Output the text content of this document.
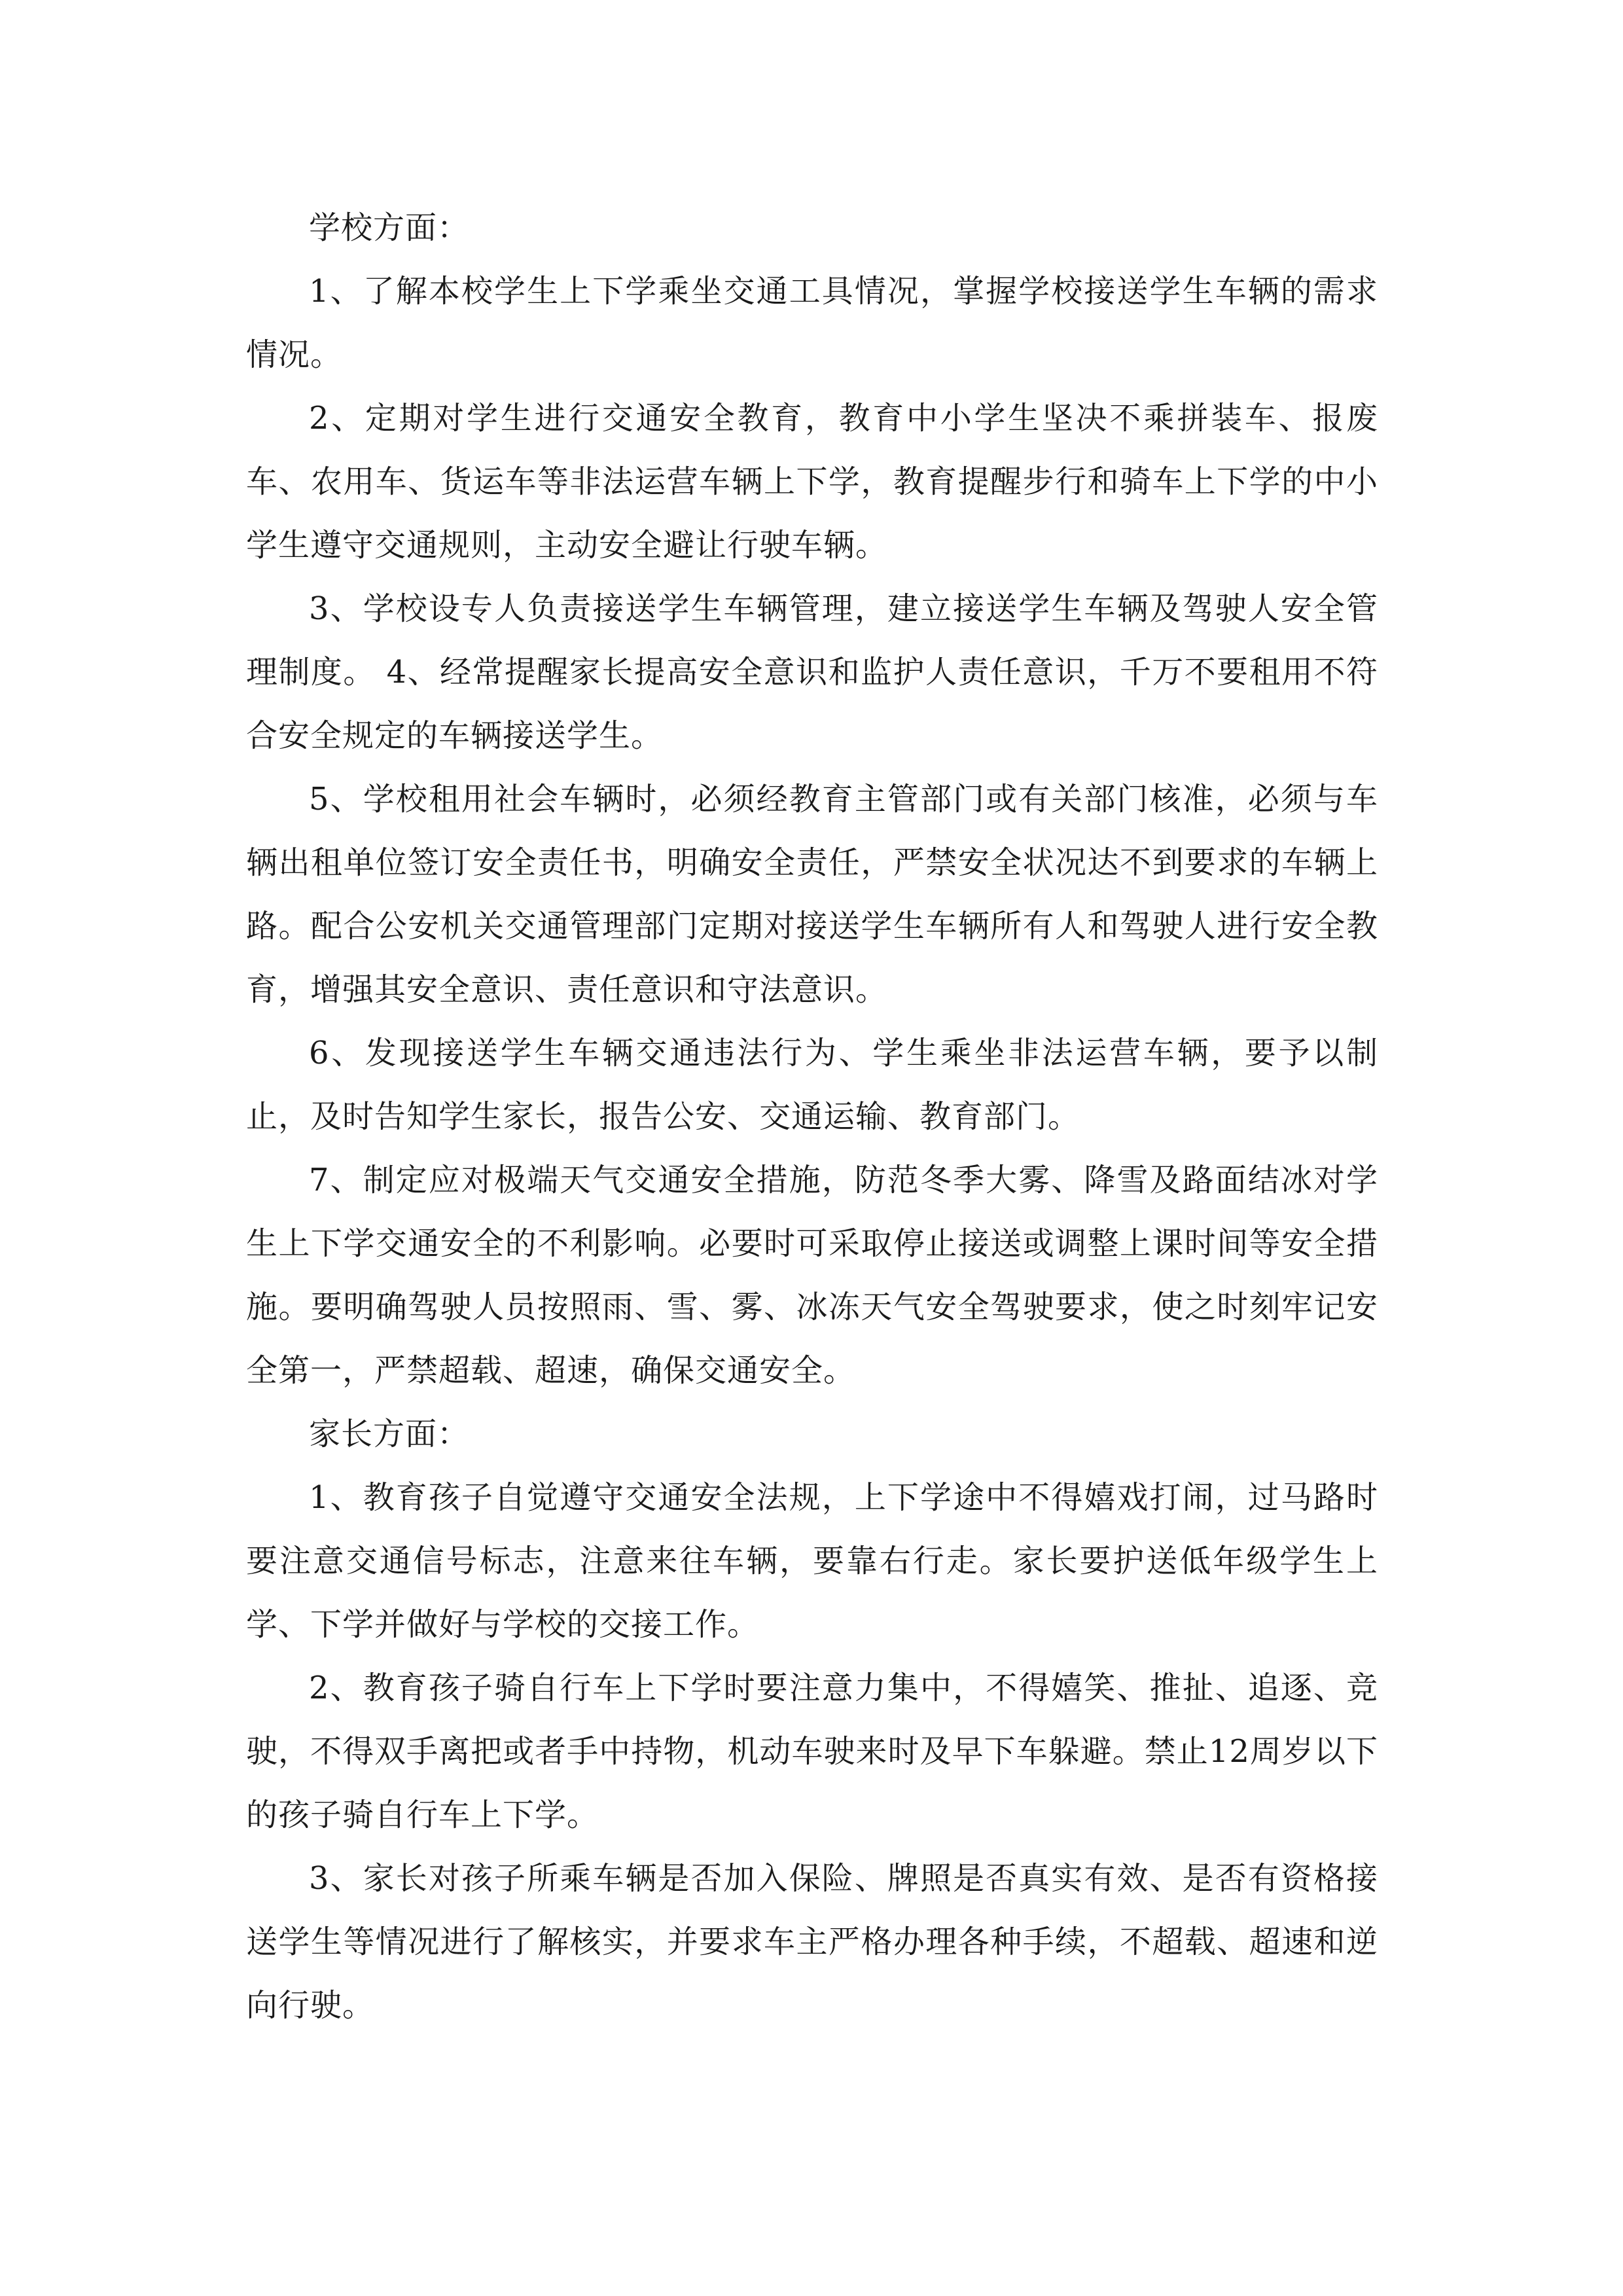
学校方面：

1、了解本校学生上下学乘坐交通工具情况，掌握学校接送学生车辆的需求情况。

2、定期对学生进行交通安全教育，教育中小学生坚决不乘拼装车、报废车、农用车、货运车等非法运营车辆上下学，教育提醒步行和骑车上下学的中小学生遵守交通规则，主动安全避让行驶车辆。

3、学校设专人负责接送学生车辆管理，建立接送学生车辆及驾驶人安全管理制度。 4、经常提醒家长提高安全意识和监护人责任意识，千万不要租用不符合安全规定的车辆接送学生。

5、学校租用社会车辆时，必须经教育主管部门或有关部门核准，必须与车辆出租单位签订安全责任书，明确安全责任，严禁安全状况达不到要求的车辆上路。配合公安机关交通管理部门定期对接送学生车辆所有人和驾驶人进行安全教育，增强其安全意识、责任意识和守法意识。

6、发现接送学生车辆交通违法行为、学生乘坐非法运营车辆，要予以制止，及时告知学生家长，报告公安、交通运输、教育部门。

7、制定应对极端天气交通安全措施，防范冬季大雾、降雪及路面结冰对学生上下学交通安全的不利影响。必要时可采取停止接送或调整上课时间等安全措施。要明确驾驶人员按照雨、雪、雾、冰冻天气安全驾驶要求，使之时刻牢记安全第一，严禁超载、超速，确保交通安全。

家长方面：

1、教育孩子自觉遵守交通安全法规，上下学途中不得嬉戏打闹，过马路时要注意交通信号标志，注意来往车辆，要靠右行走。家长要护送低年级学生上学、下学并做好与学校的交接工作。

2、教育孩子骑自行车上下学时要注意力集中，不得嬉笑、推扯、追逐、竞驶，不得双手离把或者手中持物，机动车驶来时及早下车躲避。禁止12周岁以下的孩子骑自行车上下学。

3、家长对孩子所乘车辆是否加入保险、牌照是否真实有效、是否有资格接送学生等情况进行了解核实，并要求车主严格办理各种手续，不超载、超速和逆向行驶。
